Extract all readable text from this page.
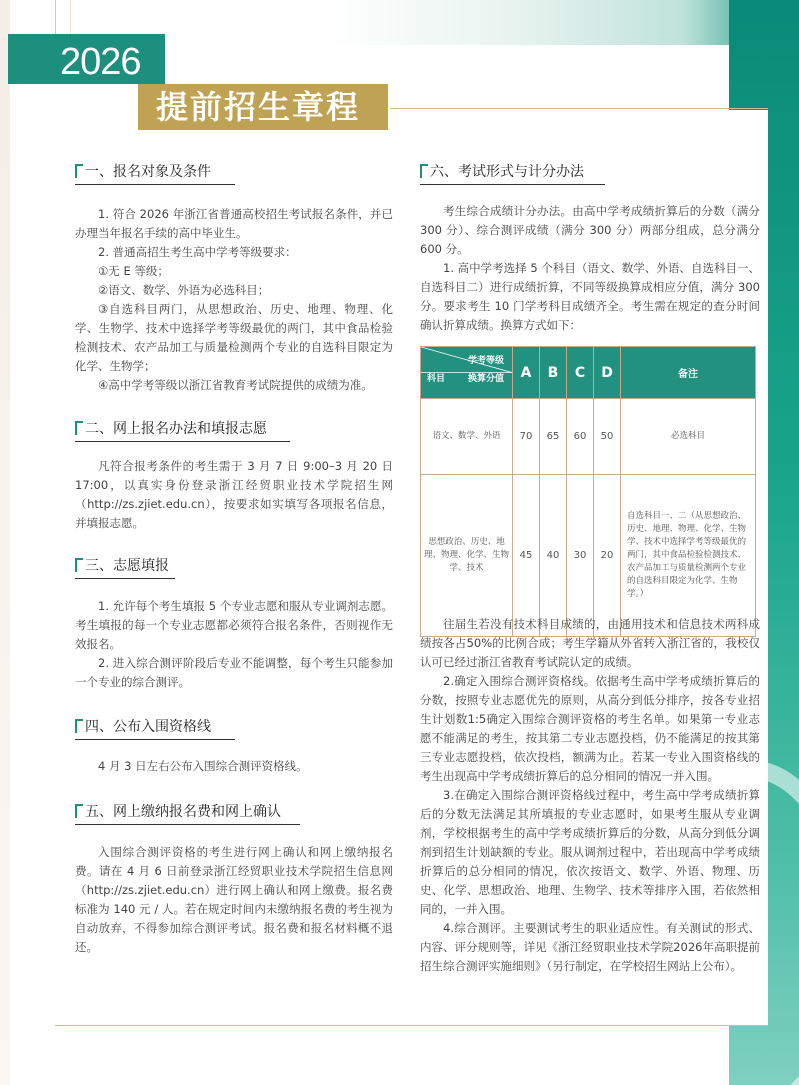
2026
提前招生章程
一、报名对象及条件

1. 符合 2026 年浙江省普通高校招生考试报名条件，并已办理当年报名手续的高中毕业生。

2. 普通高招生考生高中学考等级要求：

①无 E 等级；

②语文、数学、外语为必选科目；

③自选科目两门，从思想政治、历史、地理、物理、化学、生物学、技术中选择学考等级最优的两门，其中食品检验检测技术、农产品加工与质量检测两个专业的自选科目限定为化学、生物学；

④高中学考等级以浙江省教育考试院提供的成绩为准。

二、网上报名办法和填报志愿

凡符合报考条件的考生需于 3 月 7 日 9:00–3 月 20 日 17:00，以真实身份登录浙江经贸职业技术学院招生网（http://zs.zjiet.edu.cn），按要求如实填写各项报名信息，并填报志愿。

三、志愿填报

1. 允许每个考生填报 5 个专业志愿和服从专业调剂志愿。考生填报的每一个专业志愿都必须符合报名条件，否则视作无效报名。

2. 进入综合测评阶段后专业不能调整，每个考生只能参加一个专业的综合测评。

四、公布入围资格线

4 月 3 日左右公布入围综合测评资格线。

五、网上缴纳报名费和网上确认

入围综合测评资格的考生进行网上确认和网上缴纳报名费。请在 4 月 6 日前登录浙江经贸职业技术学院招生信息网（http://zs.zjiet.edu.cn）进行网上确认和网上缴费。报名费标准为 140 元 / 人。若在规定时间内未缴纳报名费的考生视为自动放弃，不得参加综合测评考试。报名费和报名材料概不退还。

六、考试形式与计分办法

考生综合成绩计分办法。由高中学考成绩折算后的分数（满分 300 分）、综合测评成绩（满分 300 分）两部分组成，总分满分 600 分。

1. 高中学考选择 5 个科目（语文、数学、外语、自选科目一、自选科目二）进行成绩折算，不同等级换算成相应分值，满分 300 分。要求考生 10 门学考科目成绩齐全。考生需在规定的查分时间确认折算成绩。换算方式如下：

学考等级
科目 换算分值	A	B	C	D	备注
语文、数学、外语	70	65	60	50	必选科目
思想政治、历史、地理、物理、化学、生物学、技术	45	40	30	20	自选科目一、二（从思想政治、历史、地理、物理、化学、生物学、技术中选择学考等级最优的两门，其中食品检验检测技术、农产品加工与质量检测两个专业的自选科目限定为化学、生物学。）

往届生若没有技术科目成绩的，由通用技术和信息技术两科成绩按各占50%的比例合成；考生学籍从外省转入浙江省的，我校仅认可已经过浙江省教育考试院认定的成绩。

2.确定入围综合测评资格线。依据考生高中学考成绩折算后的分数，按照专业志愿优先的原则，从高分到低分排序，按各专业招生计划数1:5确定入围综合测评资格的考生名单。如果第一专业志愿不能满足的考生，按其第二专业志愿投档，仍不能满足的按其第三专业志愿投档，依次投档，额满为止。若某一专业入围资格线的考生出现高中学考成绩折算后的总分相同的情况一并入围。

3.在确定入围综合测评资格线过程中，考生高中学考成绩折算后的分数无法满足其所填报的专业志愿时，如果考生服从专业调剂，学校根据考生的高中学考成绩折算后的分数，从高分到低分调剂到招生计划缺额的专业。服从调剂过程中，若出现高中学考成绩折算后的总分相同的情况，依次按语文、数学、外语、物理、历史、化学、思想政治、地理、生物学、技术等排序入围，若依然相同的，一并入围。

4.综合测评。主要测试考生的职业适应性。有关测试的形式、内容、评分规则等，详见《浙江经贸职业技术学院2026年高职提前招生综合测评实施细则》（另行制定，在学校招生网站上公布）。
